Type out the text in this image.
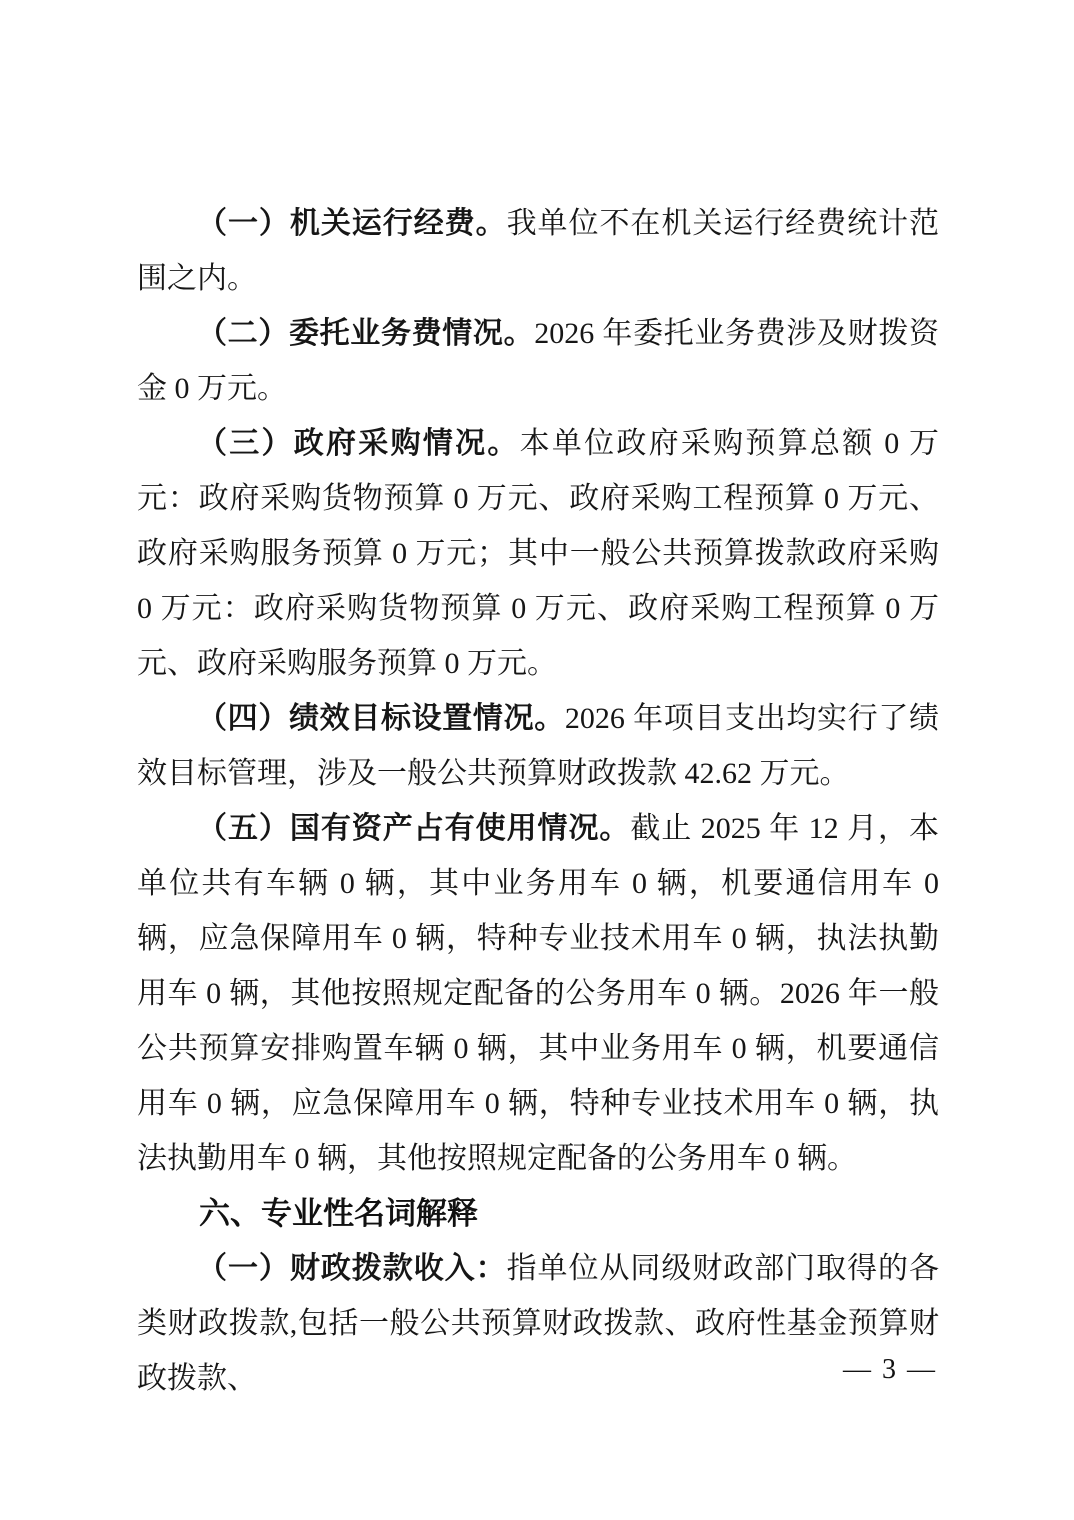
（一）机关运行经费。我单位不在机关运行经费统计范围之内。

（二）委托业务费情况。2026 年委托业务费涉及财拨资金 0 万元。

（三）政府采购情况。本单位政府采购预算总额 0 万元：政府采购货物预算 0 万元、政府采购工程预算 0 万元、政府采购服务预算 0 万元；其中一般公共预算拨款政府采购 0 万元：政府采购货物预算 0 万元、政府采购工程预算 0 万元、政府采购服务预算 0 万元。

（四）绩效目标设置情况。2026 年项目支出均实行了绩效目标管理，涉及一般公共预算财政拨款 42.62 万元。

（五）国有资产占有使用情况。截止 2025 年 12 月，本单位共有车辆 0 辆，其中业务用车 0 辆，机要通信用车 0 辆，应急保障用车 0 辆，特种专业技术用车 0 辆，执法执勤用车 0 辆，其他按照规定配备的公务用车 0 辆。2026 年一般公共预算安排购置车辆 0 辆，其中业务用车 0 辆，机要通信用车 0 辆，应急保障用车 0 辆，特种专业技术用车 0 辆，执法执勤用车 0 辆，其他按照规定配备的公务用车 0 辆。

六、专业性名词解释

（一）财政拨款收入：指单位从同级财政部门取得的各类财政拨款,包括一般公共预算财政拨款、政府性基金预算财政拨款、	— 3 —
